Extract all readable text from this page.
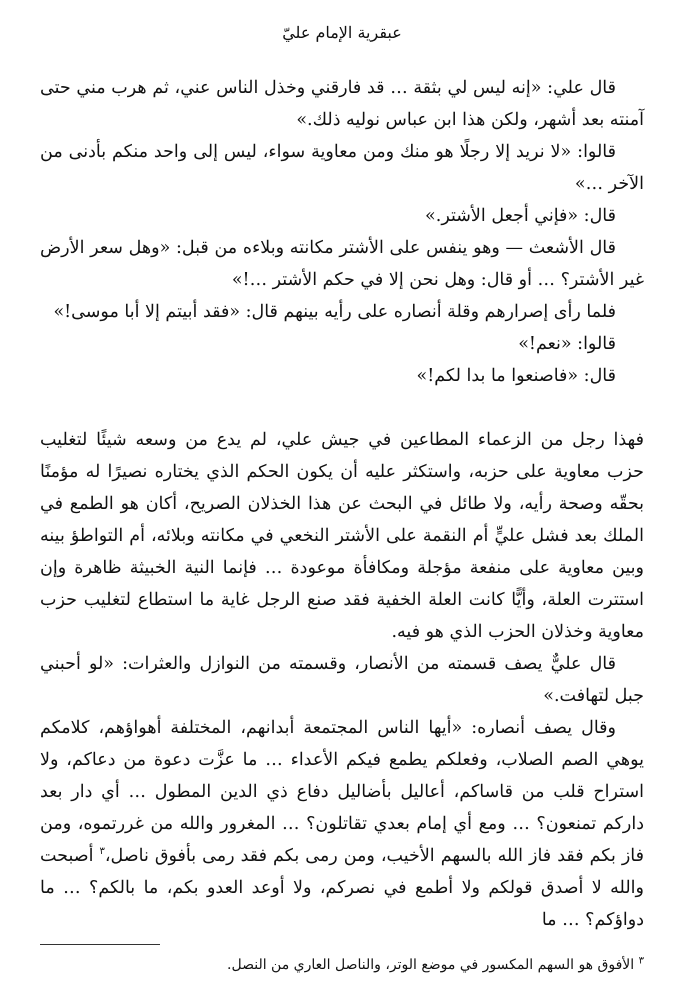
عبقرية الإمام عليّ

قال علي: «إنه ليس لي بثقة … قد فارقني وخذل الناس عني، ثم هرب مني حتى آمنته بعد أشهر، ولكن هذا ابن عباس نوليه ذلك.»

قالوا: «لا نريد إلا رجلًا هو منك ومن معاوية سواء، ليس إلى واحد منكم بأدنى من الآخر …»

قال: «فإني أجعل الأشتر.»

قال الأشعث — وهو ينفس على الأشتر مكانته وبلاءه من قبل: «وهل سعر الأرض غير الأشتر؟ … أو قال: وهل نحن إلا في حكم الأشتر …!»

فلما رأى إصرارهم وقلة أنصاره على رأيه بينهم قال: «فقد أبيتم إلا أبا موسى!»

قالوا: «نعم!»

قال: «فاصنعوا ما بدا لكم!»

فهذا رجل من الزعماء المطاعين في جيش علي، لم يدع من وسعه شيئًا لتغليب حزب معاوية على حزبه، واستكثر عليه أن يكون الحكم الذي يختاره نصيرًا له مؤمنًا بحقّه وصحة رأيه، ولا طائل في البحث عن هذا الخذلان الصريح، أكان هو الطمع في الملك بعد فشل عليٍّ أم النقمة على الأشتر النخعي في مكانته وبلائه، أم التواطؤ بينه وبين معاوية على منفعة مؤجلة ومكافأة موعودة … فإنما النية الخبيثة ظاهرة وإن استترت العلة، وأيًّا كانت العلة الخفية فقد صنع الرجل غاية ما استطاع لتغليب حزب معاوية وخذلان الحزب الذي هو فيه.

قال عليٌّ يصف قسمته من الأنصار، وقسمته من النوازل والعثرات: «لو أحبني جبل لتهافت.»

وقال يصف أنصاره: «أيها الناس المجتمعة أبدانهم، المختلفة أهواؤهم، كلامكم يوهي الصم الصلاب، وفعلكم يطمع فيكم الأعداء … ما عزَّت دعوة من دعاكم، ولا استراح قلب من قاساكم، أعاليل بأضاليل دفاع ذي الدين المطول … أي دار بعد داركم تمنعون؟ … ومع أي إمام بعدي تقاتلون؟ … المغرور والله من غررتموه، ومن فاز بكم فقد فاز الله بالسهم الأخيب، ومن رمى بكم فقد رمى بأفوق ناصل،$^٣$ أصبحت والله لا أصدق قولكم ولا أطمع في نصركم، ولا أوعد العدو بكم، ما بالكم؟ … ما دواؤكم؟ … ما

$^٣$ الأفوق هو السهم المكسور في موضع الوتر، والناصل العاري من النصل.
